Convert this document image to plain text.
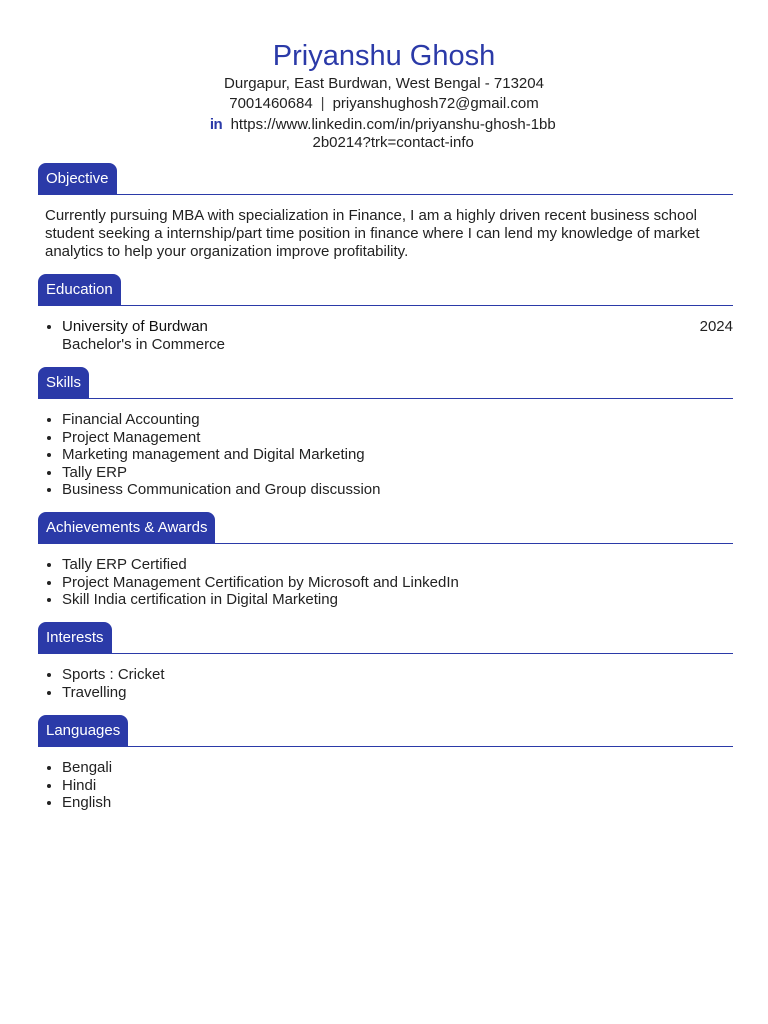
Priyanshu Ghosh
Durgapur, East Burdwan, West Bengal - 713204
7001460684 | priyanshughosh72@gmail.com
in https://www.linkedin.com/in/priyanshu-ghosh-1bb2b0214?trk=contact-info
Objective
Currently pursuing MBA with specialization in Finance, I am a highly driven recent business school student seeking a internship/part time position in finance where I can lend my knowledge of market analytics to help your organization improve profitability.
Education
• University of Burdwan	2024
Bachelor's in Commerce
Skills
• Financial Accounting
• Project Management
• Marketing management and Digital Marketing
• Tally ERP
• Business Communication and Group discussion
Achievements & Awards
• Tally ERP Certified
• Project Management Certification by Microsoft and LinkedIn
• Skill India certification in Digital Marketing
Interests
• Sports : Cricket
• Travelling
Languages
• Bengali
• Hindi
• English
